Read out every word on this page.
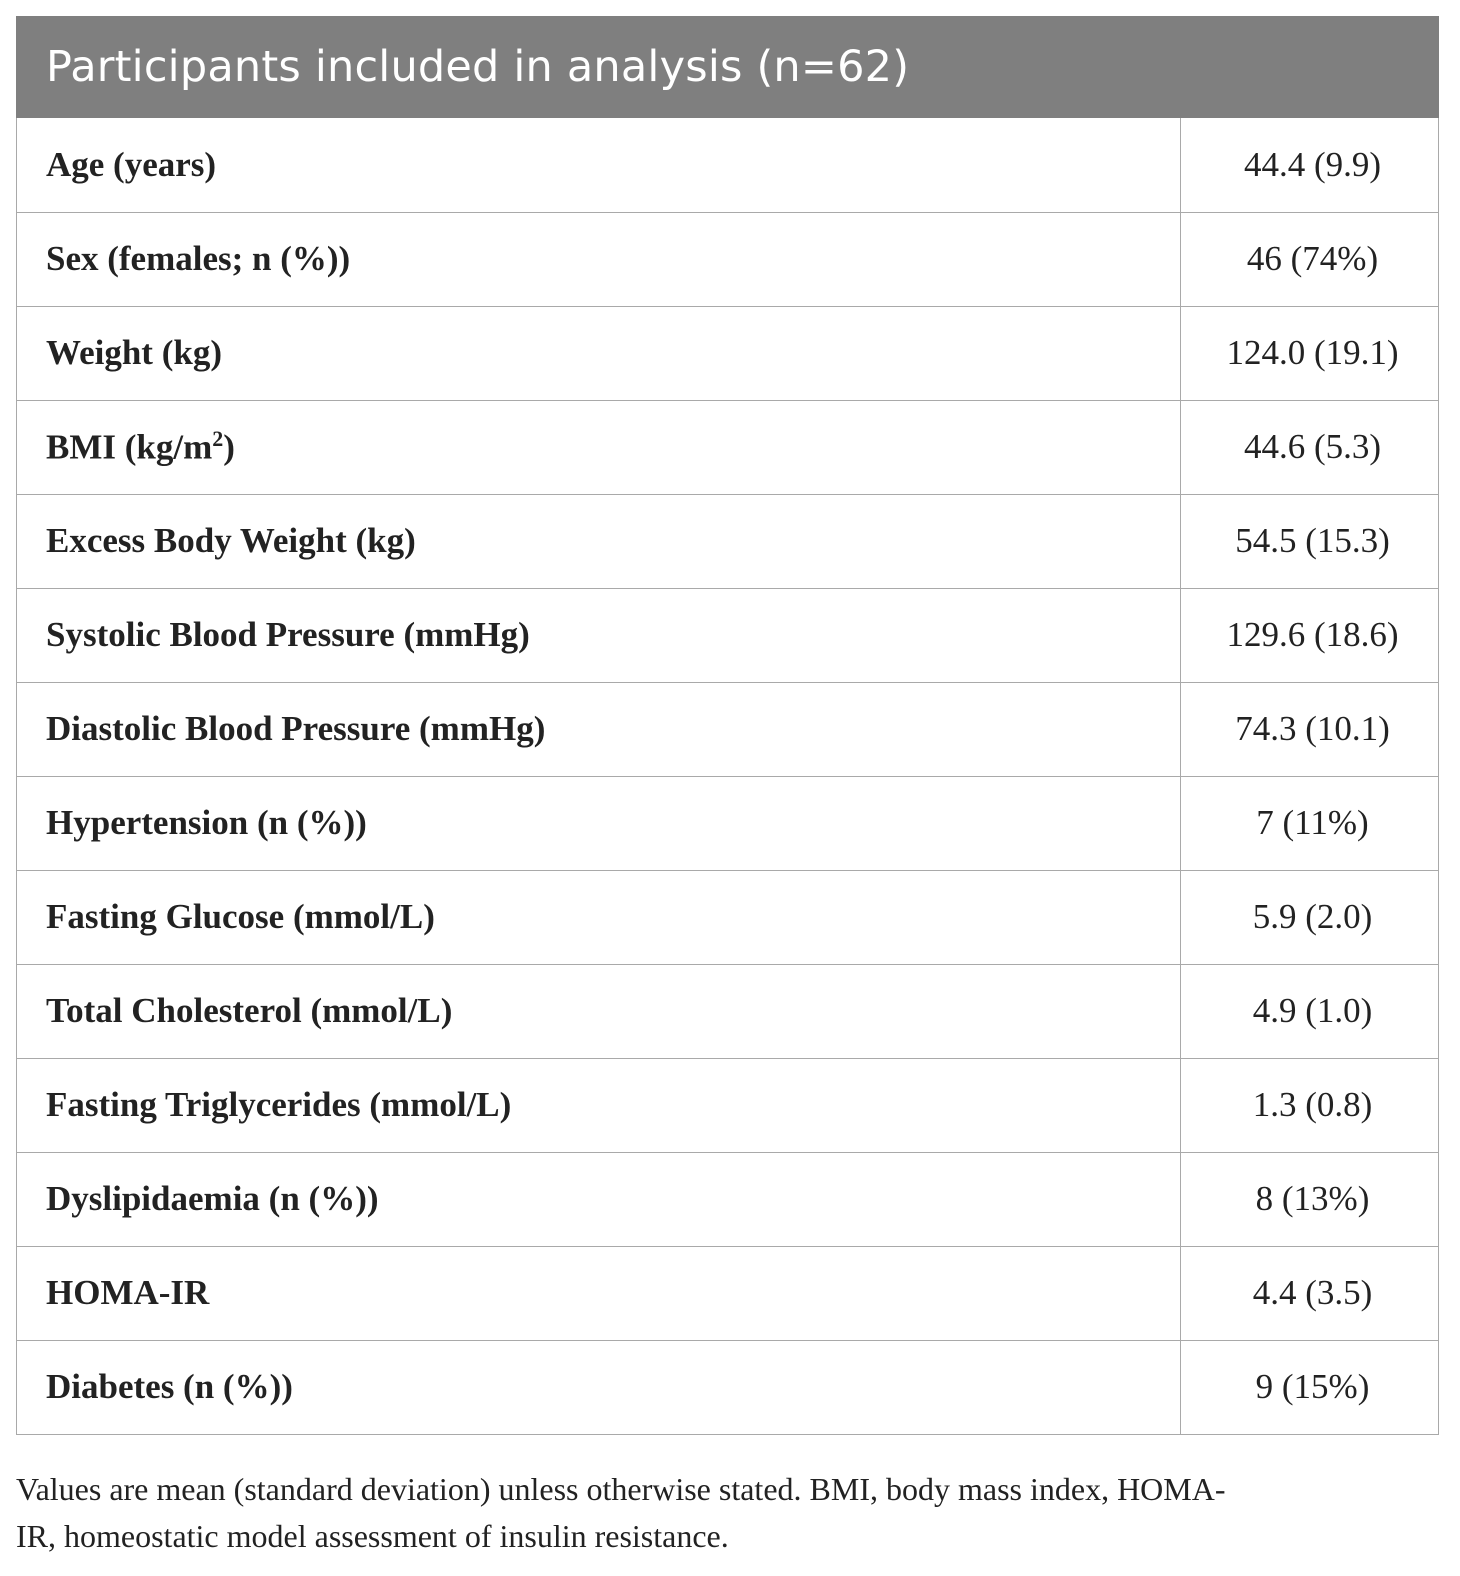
Participants included in analysis (n=62)
Age (years)	44.4 (9.9)
Sex (females; n (%))	46 (74%)
Weight (kg)	124.0 (19.1)
BMI $(kg/m^2)$	44.6 (5.3)
Excess Body Weight (kg)	54.5 (15.3)
Systolic Blood Pressure (mmHg)	129.6 (18.6)
Diastolic Blood Pressure (mmHg)	74.3 (10.1)
Hypertension (n (%))	7 (11%)
Fasting Glucose (mmol/L)	5.9 (2.0)
Total Cholesterol (mmol/L)	4.9 (1.0)
Fasting Triglycerides (mmol/L)	1.3 (0.8)
Dyslipidaemia (n (%))	8 (13%)
HOMA-IR	4.4 (3.5)
Diabetes (n (%))	9 (15%)
Values are mean (standard deviation) unless otherwise stated. BMI, body mass index, HOMA-
IR, homeostatic model assessment of insulin resistance.
